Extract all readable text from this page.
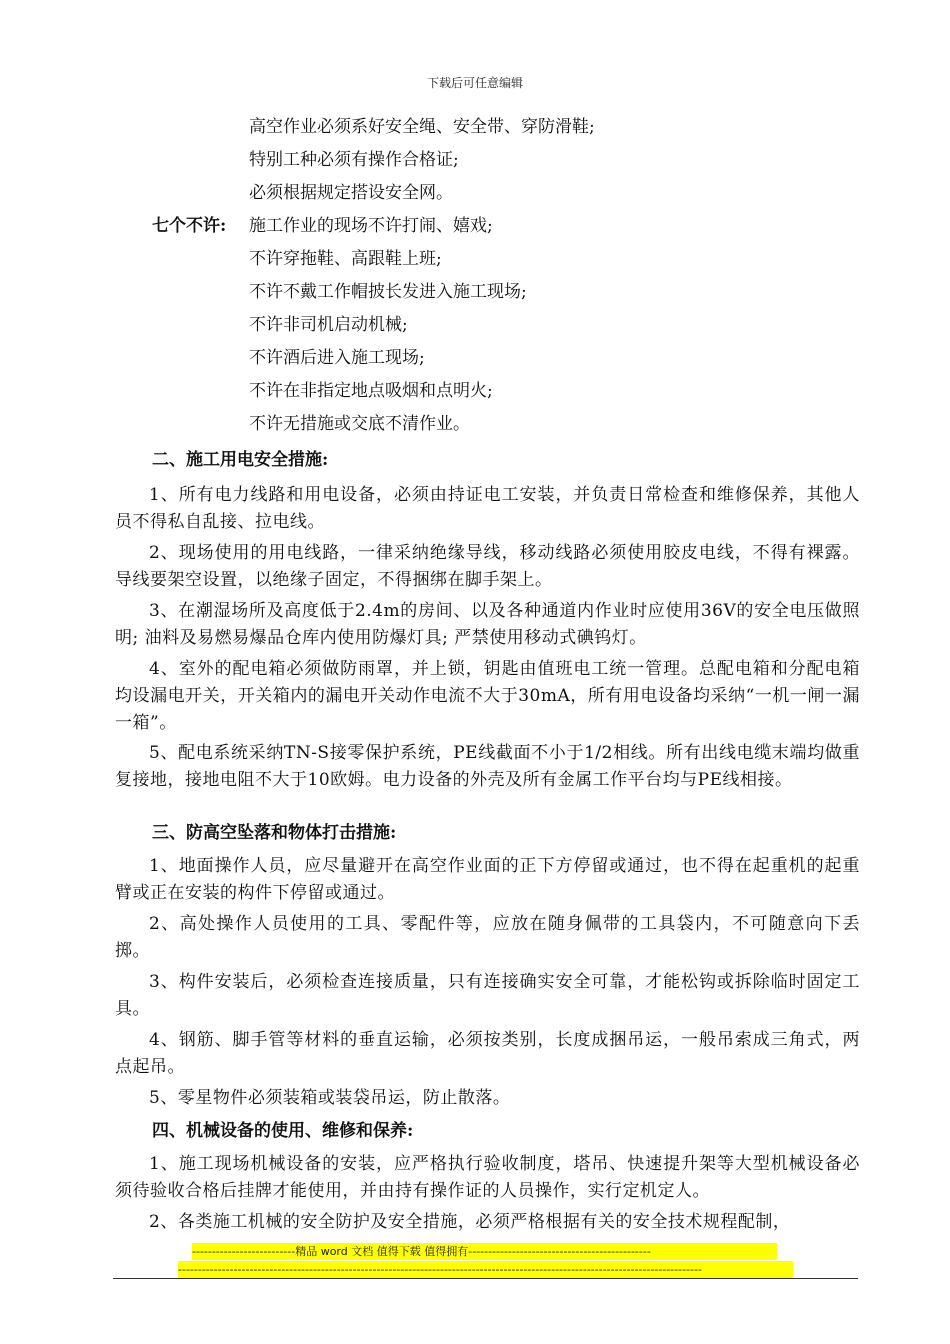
下载后可任意编辑
高空作业必须系好安全绳、安全带、穿防滑鞋;
特别工种必须有操作合格证;
必须根据规定搭设安全网。
七个不许: 施工作业的现场不许打闹、嬉戏;
不许穿拖鞋、高跟鞋上班;
不许不戴工作帽披长发进入施工现场;
不许非司机启动机械;
不许酒后进入施工现场;
不许在非指定地点吸烟和点明火;
不许无措施或交底不清作业。
二、施工用电安全措施:
1、所有电力线路和用电设备，必须由持证电工安装，并负责日常检查和维修保养，其他人员不得私自乱接、拉电线。
2、现场使用的用电线路，一律采纳绝缘导线，移动线路必须使用胶皮电线，不得有裸露。导线要架空设置，以绝缘子固定，不得捆绑在脚手架上。
3、在潮湿场所及高度低于2.4m的房间、以及各种通道内作业时应使用36V的安全电压做照明; 油料及易燃易爆品仓库内使用防爆灯具; 严禁使用移动式碘钨灯。
4、室外的配电箱必须做防雨罩，并上锁，钥匙由值班电工统一管理。总配电箱和分配电箱均设漏电开关，开关箱内的漏电开关动作电流不大于30mA，所有用电设备均采纳“一机一闸一漏一箱”。
5、配电系统采纳TN-S接零保护系统，PE线截面不小于1/2相线。所有出线电缆末端均做重复接地，接地电阻不大于10欧姆。电力设备的外壳及所有金属工作平台均与PE线相接。
三、防高空坠落和物体打击措施:
1、地面操作人员，应尽量避开在高空作业面的正下方停留或通过，也不得在起重机的起重臂或正在安装的构件下停留或通过。
2、高处操作人员使用的工具、零配件等，应放在随身佩带的工具袋内，不可随意向下丢掷。
3、构件安装后，必须检查连接质量，只有连接确实安全可靠，才能松钩或拆除临时固定工具。
4、钢筋、脚手管等材料的垂直运输，必须按类别，长度成捆吊运，一般吊索成三角式，两点起吊。
5、零星物件必须装箱或装袋吊运，防止散落。
四、机械设备的使用、维修和保养:
1、施工现场机械设备的安装，应严格执行验收制度，塔吊、快速提升架等大型机械设备必须待验收合格后挂牌才能使用，并由持有操作证的人员操作，实行定机定人。
2、各类施工机械的安全防护及安全措施，必须严格根据有关的安全技术规程配制，
--------------------------精品 word 文档 值得下载 值得拥有----------------------------------------------
------------------------------------------------------------------------------------------------------------------------------------
